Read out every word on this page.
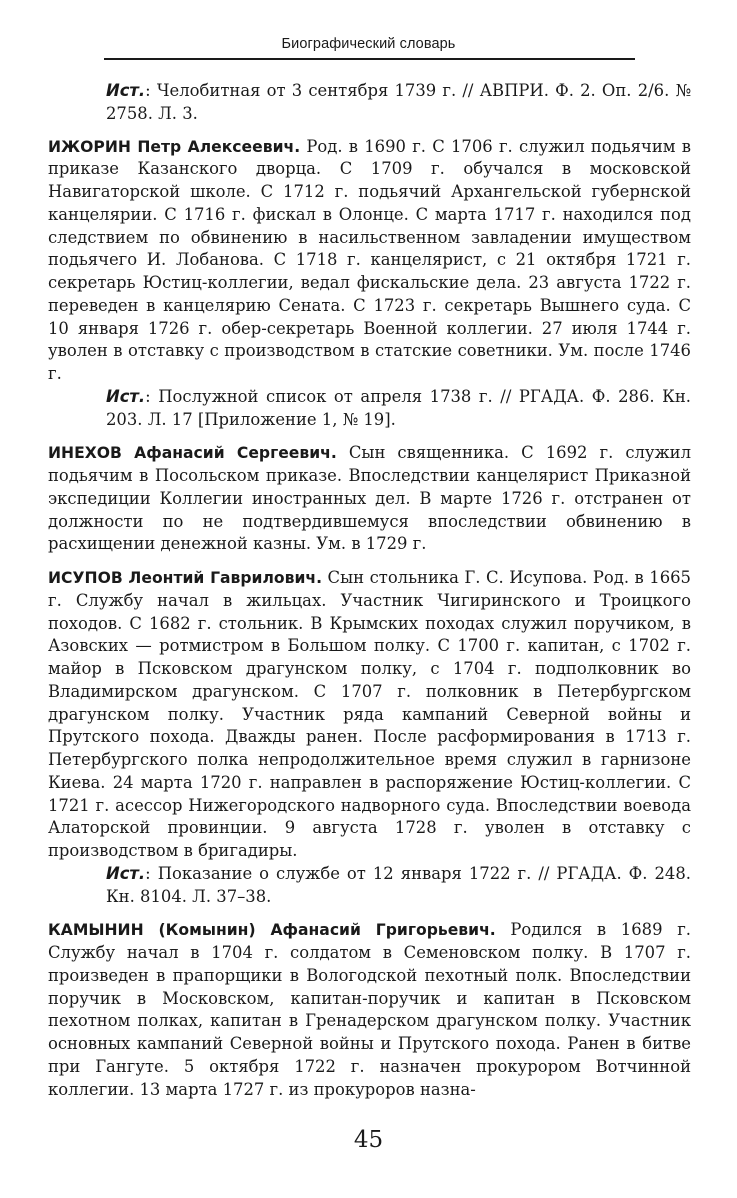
Биографический словарь

Ист.: Челобитная от 3 сентября 1739 г. // АВПРИ. Ф. 2. Оп. 2/6. № 2758. Л. 3.

ИЖОРИН Петр Алексеевич. Род. в 1690 г. С 1706 г. служил подьячим в приказе Казанского дворца. С 1709 г. обучался в московской Навигаторской школе. С 1712 г. подьячий Архангельской губернской канцелярии. С 1716 г. фискал в Олонце. С марта 1717 г. находился под следствием по обвинению в насильственном завладении имуществом подьячего И. Лобанова. С 1718 г. канцелярист, с 21 октября 1721 г. секретарь Юстиц-коллегии, ведал фискальские дела. 23 августа 1722 г. переведен в канцелярию Сената. С 1723 г. секретарь Вышнего суда. С 10 января 1726 г. обер-секретарь Военной коллегии. 27 июля 1744 г. уволен в отставку с производством в статские советники. Ум. после 1746 г.

Ист.: Послужной список от апреля 1738 г. // РГАДА. Ф. 286. Кн. 203. Л. 17 [Приложение 1, № 19].

ИНЕХОВ Афанасий Сергеевич. Сын священника. С 1692 г. служил подьячим в Посольском приказе. Впоследствии канцелярист Приказной экспедиции Коллегии иностранных дел. В марте 1726 г. отстранен от должности по не подтвердившемуся впоследствии обвинению в расхищении денежной казны. Ум. в 1729 г.

ИСУПОВ Леонтий Гаврилович. Сын стольника Г. С. Исупова. Род. в 1665 г. Службу начал в жильцах. Участник Чигиринского и Троицкого походов. С 1682 г. стольник. В Крымских походах служил поручиком, в Азовских — ротмистром в Большом полку. С 1700 г. капитан, с 1702 г. майор в Псковском драгунском полку, с 1704 г. подполковник во Владимирском драгунском. С 1707 г. полковник в Петербургском драгунском полку. Участник ряда кампаний Северной войны и Прутского похода. Дважды ранен. После расформирования в 1713 г. Петербургского полка непродолжительное время служил в гарнизоне Киева. 24 марта 1720 г. направлен в распоряжение Юстиц-коллегии. С 1721 г. асессор Нижегородского надворного суда. Впоследствии воевода Алаторской провинции. 9 августа 1728 г. уволен в отставку с производством в бригадиры.

Ист.: Показание о службе от 12 января 1722 г. // РГАДА. Ф. 248. Кн. 8104. Л. 37–38.

КАМЫНИН (Комынин) Афанасий Григорьевич. Родился в 1689 г. Службу начал в 1704 г. солдатом в Семеновском полку. В 1707 г. произведен в прапорщики в Вологодской пехотный полк. Впоследствии поручик в Московском, капитан-поручик и капитан в Псковском пехотном полках, капитан в Гренадерском драгунском полку. Участник основных кампаний Северной войны и Прутского похода. Ранен в битве при Гангуте. 5 октября 1722 г. назначен прокурором Вотчинной коллегии. 13 марта 1727 г. из прокуроров назна-

45
